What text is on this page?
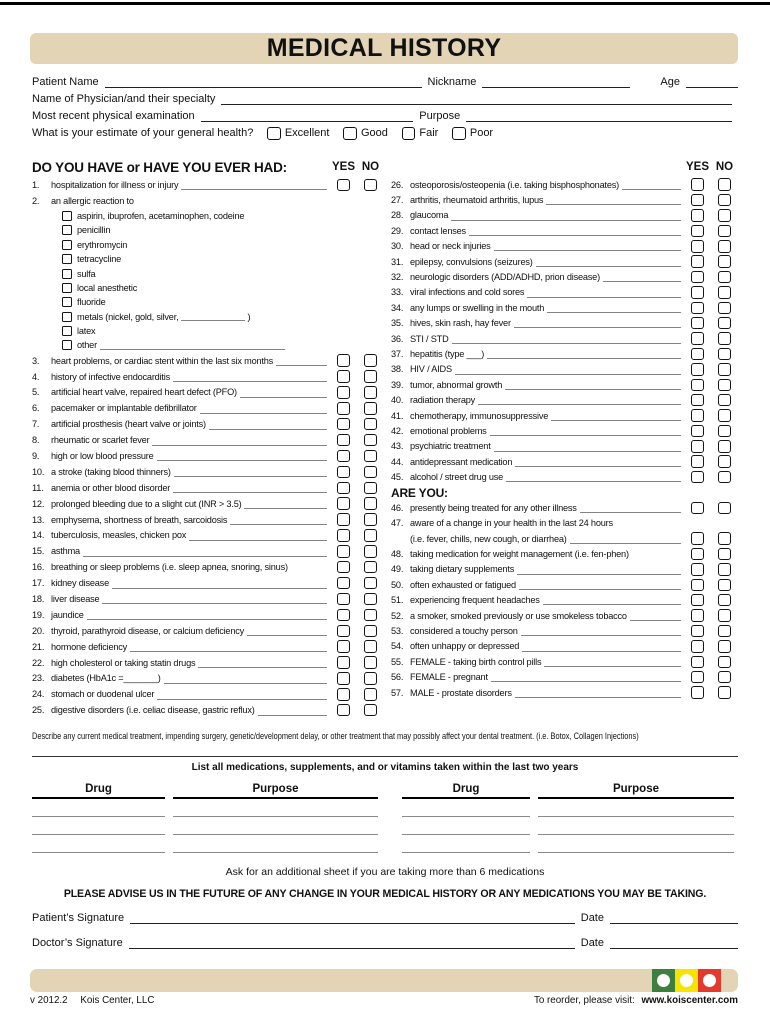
MEDICAL HISTORY
Patient Name	Nickname	Age
Name of Physician/and their specialty
Most recent physical examination	Purpose
What is your estimate of your general health?	Excellent	Good	Fair	Poor
DO YOU HAVE or HAVE YOU EVER HAD:	YES NO
1.	hospitalization for illness or injury
2.	an allergic reaction to
aspirin, ibuprofen, acetaminophen, codeine
penicillin
erythromycin
tetracycline
sulfa
local anesthetic
fluoride
metals (nickel, gold, silver,	)
latex
other
3.	heart problems, or cardiac stent within the last six months
4.	history of infective endocarditis
5.	artificial heart valve, repaired heart defect (PFO)
6.	pacemaker or implantable defibrillator
7.	artificial prosthesis (heart valve or joints)
8.	rheumatic or scarlet fever
9.	high or low blood pressure
10. a stroke (taking blood thinners)
11. anemia or other blood disorder
12. prolonged bleeding due to a slight cut (INR > 3.5)
13. emphysema, shortness of breath, sarcoidosis
14. tuberculosis, measles, chicken pox
15. asthma
16. breathing or sleep problems (i.e. sleep apnea, snoring, sinus)
17. kidney disease
18. liver disease
19. jaundice
20. thyroid, parathyroid disease, or calcium deficiency
21. hormone deficiency
22. high cholesterol or taking statin drugs
23. diabetes (HbA1c =_______)
24. stomach or duodenal ulcer
25. digestive disorders (i.e. celiac disease, gastric reflux)
YES NO
26. osteoporosis/osteopenia (i.e. taking bisphosphonates)
27. arthritis, rheumatoid arthritis, lupus
28. glaucoma
29. contact lenses
30. head or neck injuries
31. epilepsy, convulsions (seizures)
32. neurologic disorders (ADD/ADHD, prion disease)
33. viral infections and cold sores
34. any lumps or swelling in the mouth
35. hives, skin rash, hay fever
36. STI / STD
37. hepatitis (type ___)
38. HIV / AIDS
39. tumor, abnormal growth
40. radiation therapy
41. chemotherapy, immunosuppressive
42. emotional problems
43. psychiatric treatment
44. antidepressant medication
45. alcohol / street drug use
ARE YOU:
46. presently being treated for any other illness
47. aware of a change in your health in the last 24 hours
(i.e. fever, chills, new cough, or diarrhea)
48. taking medication for weight management (i.e. fen-phen)
49. taking dietary supplements
50. often exhausted or fatigued
51. experiencing frequent headaches
52. a smoker, smoked previously or use smokeless tobacco
53. considered a touchy person
54. often unhappy or depressed
55. FEMALE - taking birth control pills
56. FEMALE - pregnant
57. MALE - prostate disorders
Describe any current medical treatment, impending surgery, genetic/development delay, or other treatment that may possibly affect your dental treatment. (i.e. Botox, Collagen Injections)
List all medications, supplements, and or vitamins taken within the last two years
Drug	Purpose	Drug	Purpose
Ask for an additional sheet if you are taking more than 6 medications
PLEASE ADVISE US IN THE FUTURE OF ANY CHANGE IN YOUR MEDICAL HISTORY OR ANY MEDICATIONS YOU MAY BE TAKING.
Patient’s Signature	Date
Doctor’s Signature	Date
v 2012.2 Kois Center, LLC	To reorder, please visit: www.koiscenter.com
